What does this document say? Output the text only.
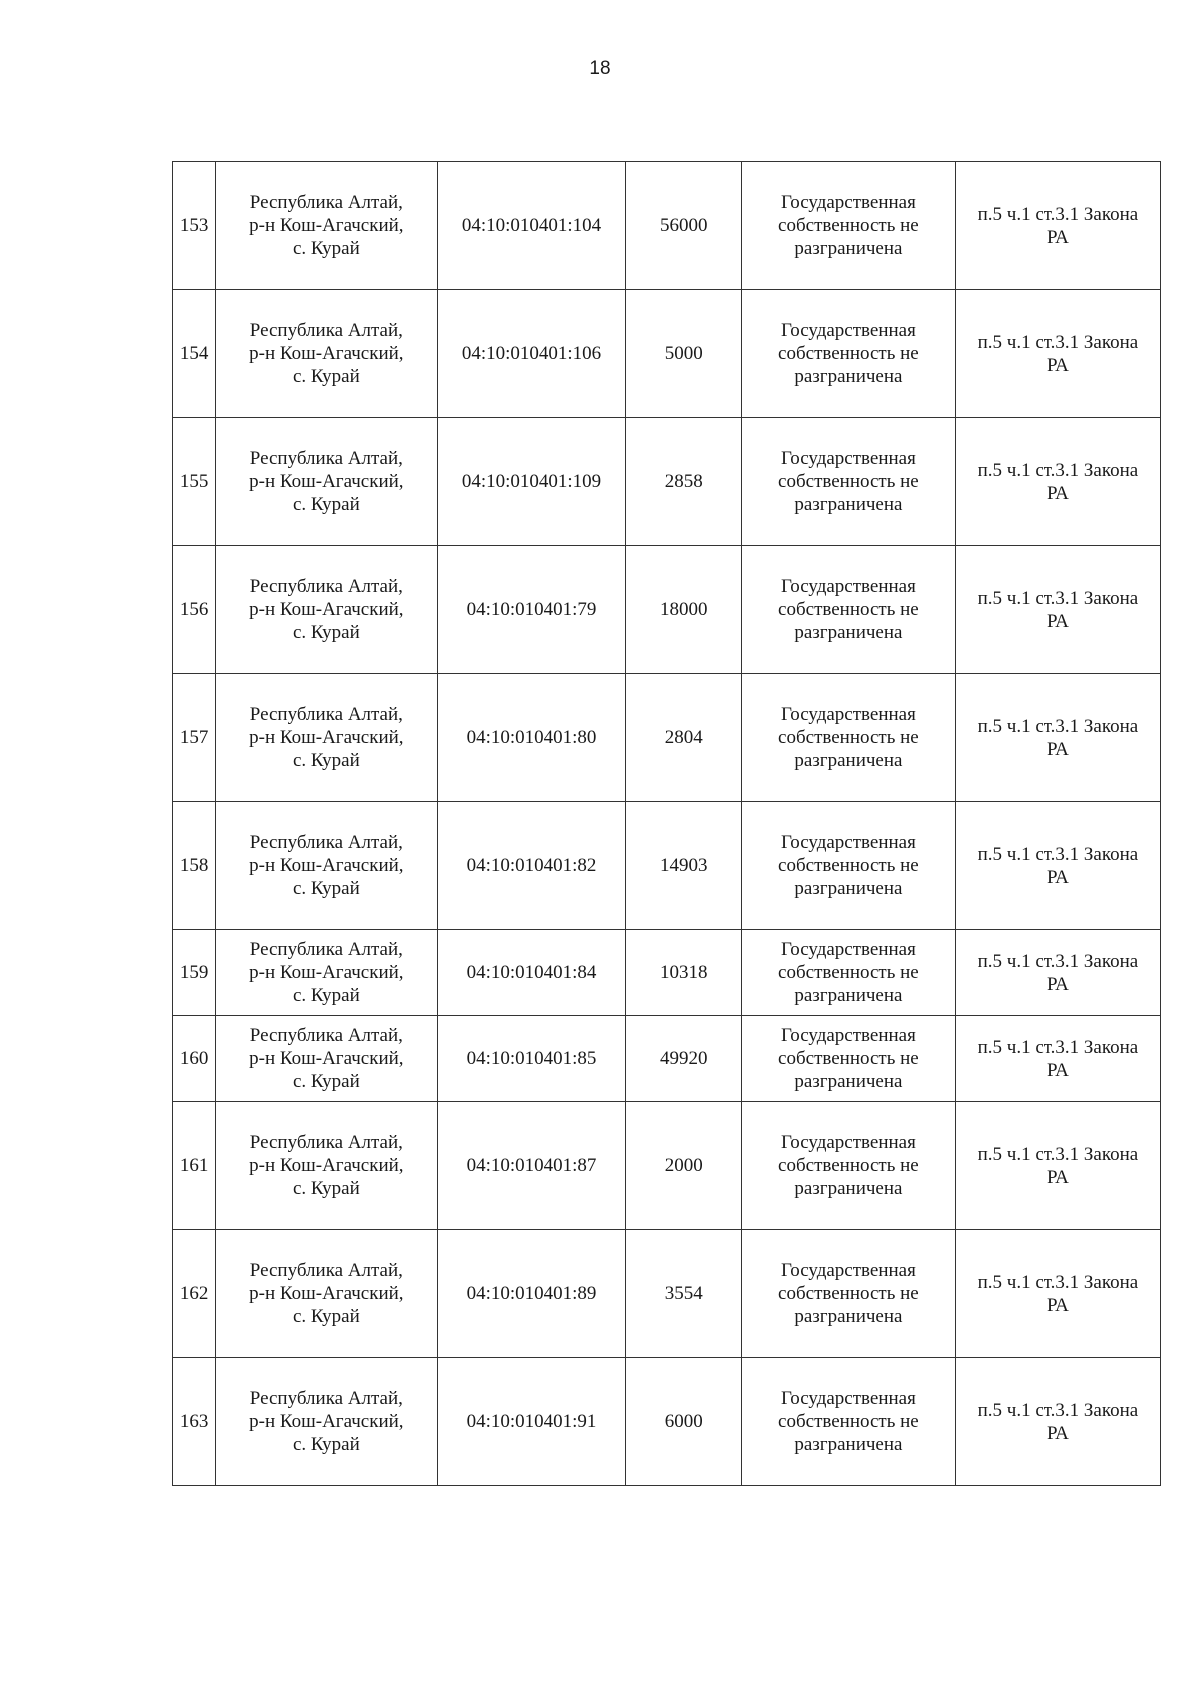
18
153	Республика Алтай,
р-н Кош-Агачский,
с. Курай	04:10:010401:104	56000	Государственная
собственность не
разграничена	п.5 ч.1 ст.3.1 Закона
РА

154	Республика Алтай,
р-н Кош-Агачский,
с. Курай	04:10:010401:106	5000	Государственная
собственность не
разграничена	п.5 ч.1 ст.3.1 Закона
РА

155	Республика Алтай,
р-н Кош-Агачский,
с. Курай	04:10:010401:109	2858	Государственная
собственность не
разграничена	п.5 ч.1 ст.3.1 Закона
РА

156	Республика Алтай,
р-н Кош-Агачский,
с. Курай	04:10:010401:79	18000	Государственная
собственность не
разграничена	п.5 ч.1 ст.3.1 Закона
РА

157	Республика Алтай,
р-н Кош-Агачский,
с. Курай	04:10:010401:80	2804	Государственная
собственность не
разграничена	п.5 ч.1 ст.3.1 Закона
РА

158	Республика Алтай,
р-н Кош-Агачский,
с. Курай	04:10:010401:82	14903	Государственная
собственность не
разграничена	п.5 ч.1 ст.3.1 Закона
РА

159	Республика Алтай,
р-н Кош-Агачский,
с. Курай	04:10:010401:84	10318	Государственная
собственность не
разграничена	п.5 ч.1 ст.3.1 Закона
РА

160	Республика Алтай,
р-н Кош-Агачский,
с. Курай	04:10:010401:85	49920	Государственная
собственность не
разграничена	п.5 ч.1 ст.3.1 Закона
РА

161	Республика Алтай,
р-н Кош-Агачский,
с. Курай	04:10:010401:87	2000	Государственная
собственность не
разграничена	п.5 ч.1 ст.3.1 Закона
РА

162	Республика Алтай,
р-н Кош-Агачский,
с. Курай	04:10:010401:89	3554	Государственная
собственность не
разграничена	п.5 ч.1 ст.3.1 Закона
РА

163	Республика Алтай,
р-н Кош-Агачский,
с. Курай	04:10:010401:91	6000	Государственная
собственность не
разграничена	п.5 ч.1 ст.3.1 Закона
РА
